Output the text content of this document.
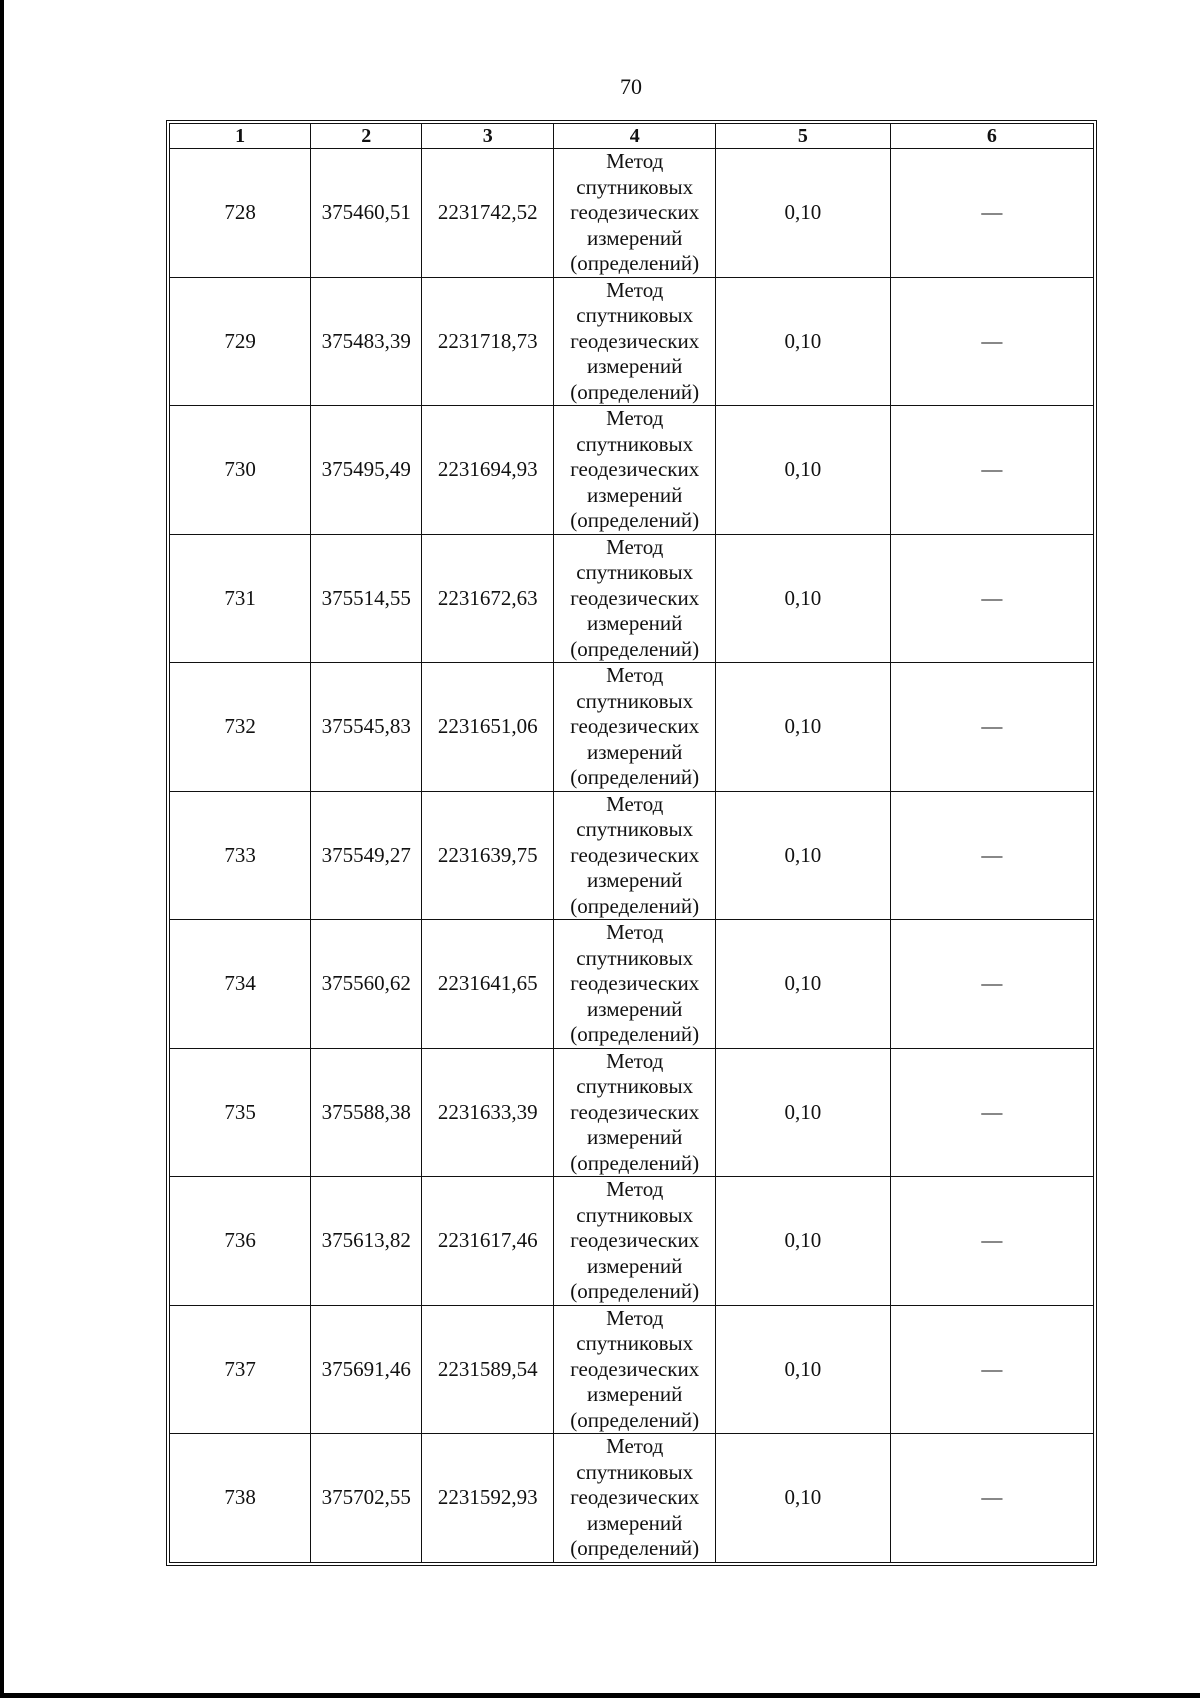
70
1	2	3	4	5	6
728	375460,51	2231742,52	Метод
спутниковых
геодезических
измерений
(определений)	0,10	—
729	375483,39	2231718,73	Метод
спутниковых
геодезических
измерений
(определений)	0,10	—
730	375495,49	2231694,93	Метод
спутниковых
геодезических
измерений
(определений)	0,10	—
731	375514,55	2231672,63	Метод
спутниковых
геодезических
измерений
(определений)	0,10	—
732	375545,83	2231651,06	Метод
спутниковых
геодезических
измерений
(определений)	0,10	—
733	375549,27	2231639,75	Метод
спутниковых
геодезических
измерений
(определений)	0,10	—
734	375560,62	2231641,65	Метод
спутниковых
геодезических
измерений
(определений)	0,10	—
735	375588,38	2231633,39	Метод
спутниковых
геодезических
измерений
(определений)	0,10	—
736	375613,82	2231617,46	Метод
спутниковых
геодезических
измерений
(определений)	0,10	—
737	375691,46	2231589,54	Метод
спутниковых
геодезических
измерений
(определений)	0,10	—
738	375702,55	2231592,93	Метод
спутниковых
геодезических
измерений
(определений)	0,10	—
